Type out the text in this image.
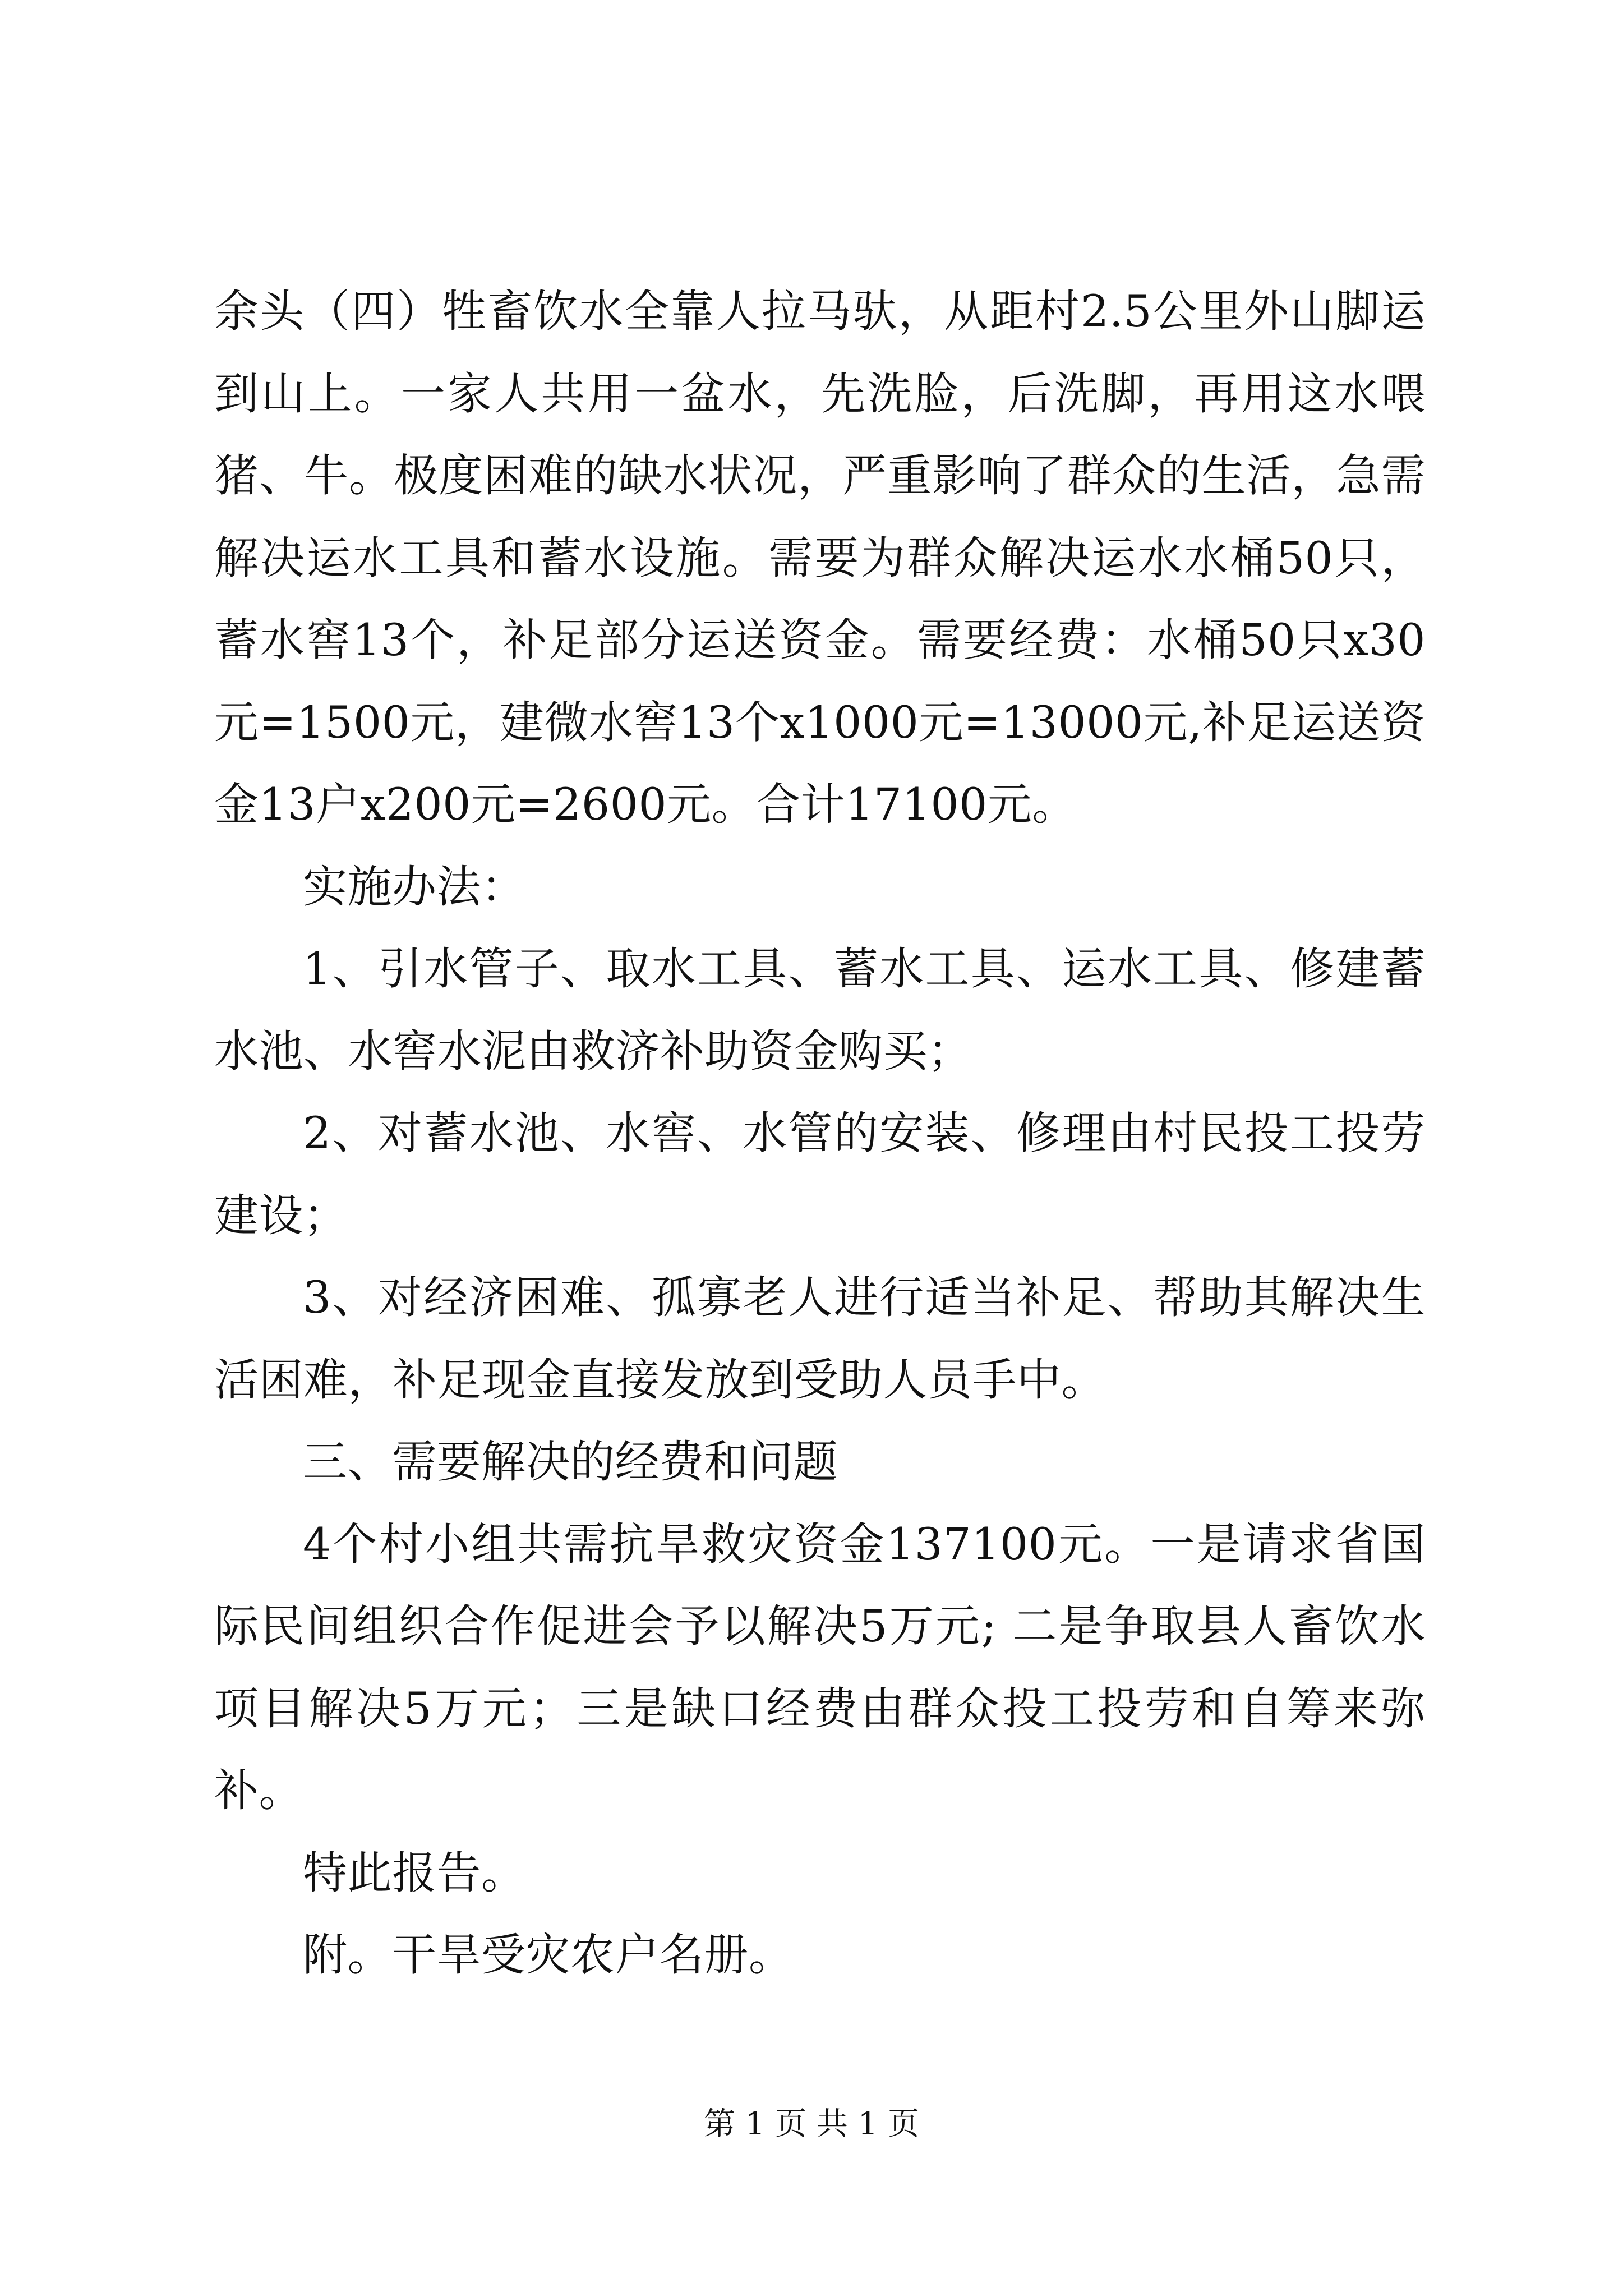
余头（四）牲畜饮水全靠人拉马驮，从距村2.5公里外山脚运到山上。一家人共用一盆水，先洗脸，后洗脚，再用这水喂猪、牛。极度困难的缺水状况，严重影响了群众的生活，急需解决运水工具和蓄水设施。需要为群众解决运水水桶50只，蓄水窖13个，补足部分运送资金。需要经费：水桶50只x30元=1500元，建微水窖13个x1000元=13000元,补足运送资金13户x200元=2600元。合计17100元。

实施办法：

1、引水管子、取水工具、蓄水工具、运水工具、修建蓄水池、水窖水泥由救济补助资金购买；

2、对蓄水池、水窖、水管的安装、修理由村民投工投劳建设；

3、对经济困难、孤寡老人进行适当补足、帮助其解决生活困难，补足现金直接发放到受助人员手中。

三、需要解决的经费和问题

4个村小组共需抗旱救灾资金137100元。一是请求省国际民间组织合作促进会予以解决5万元; 二是争取县人畜饮水项目解决5万元；三是缺口经费由群众投工投劳和自筹来弥补。

特此报告。

附。干旱受灾农户名册。

第 1 页 共 1 页
